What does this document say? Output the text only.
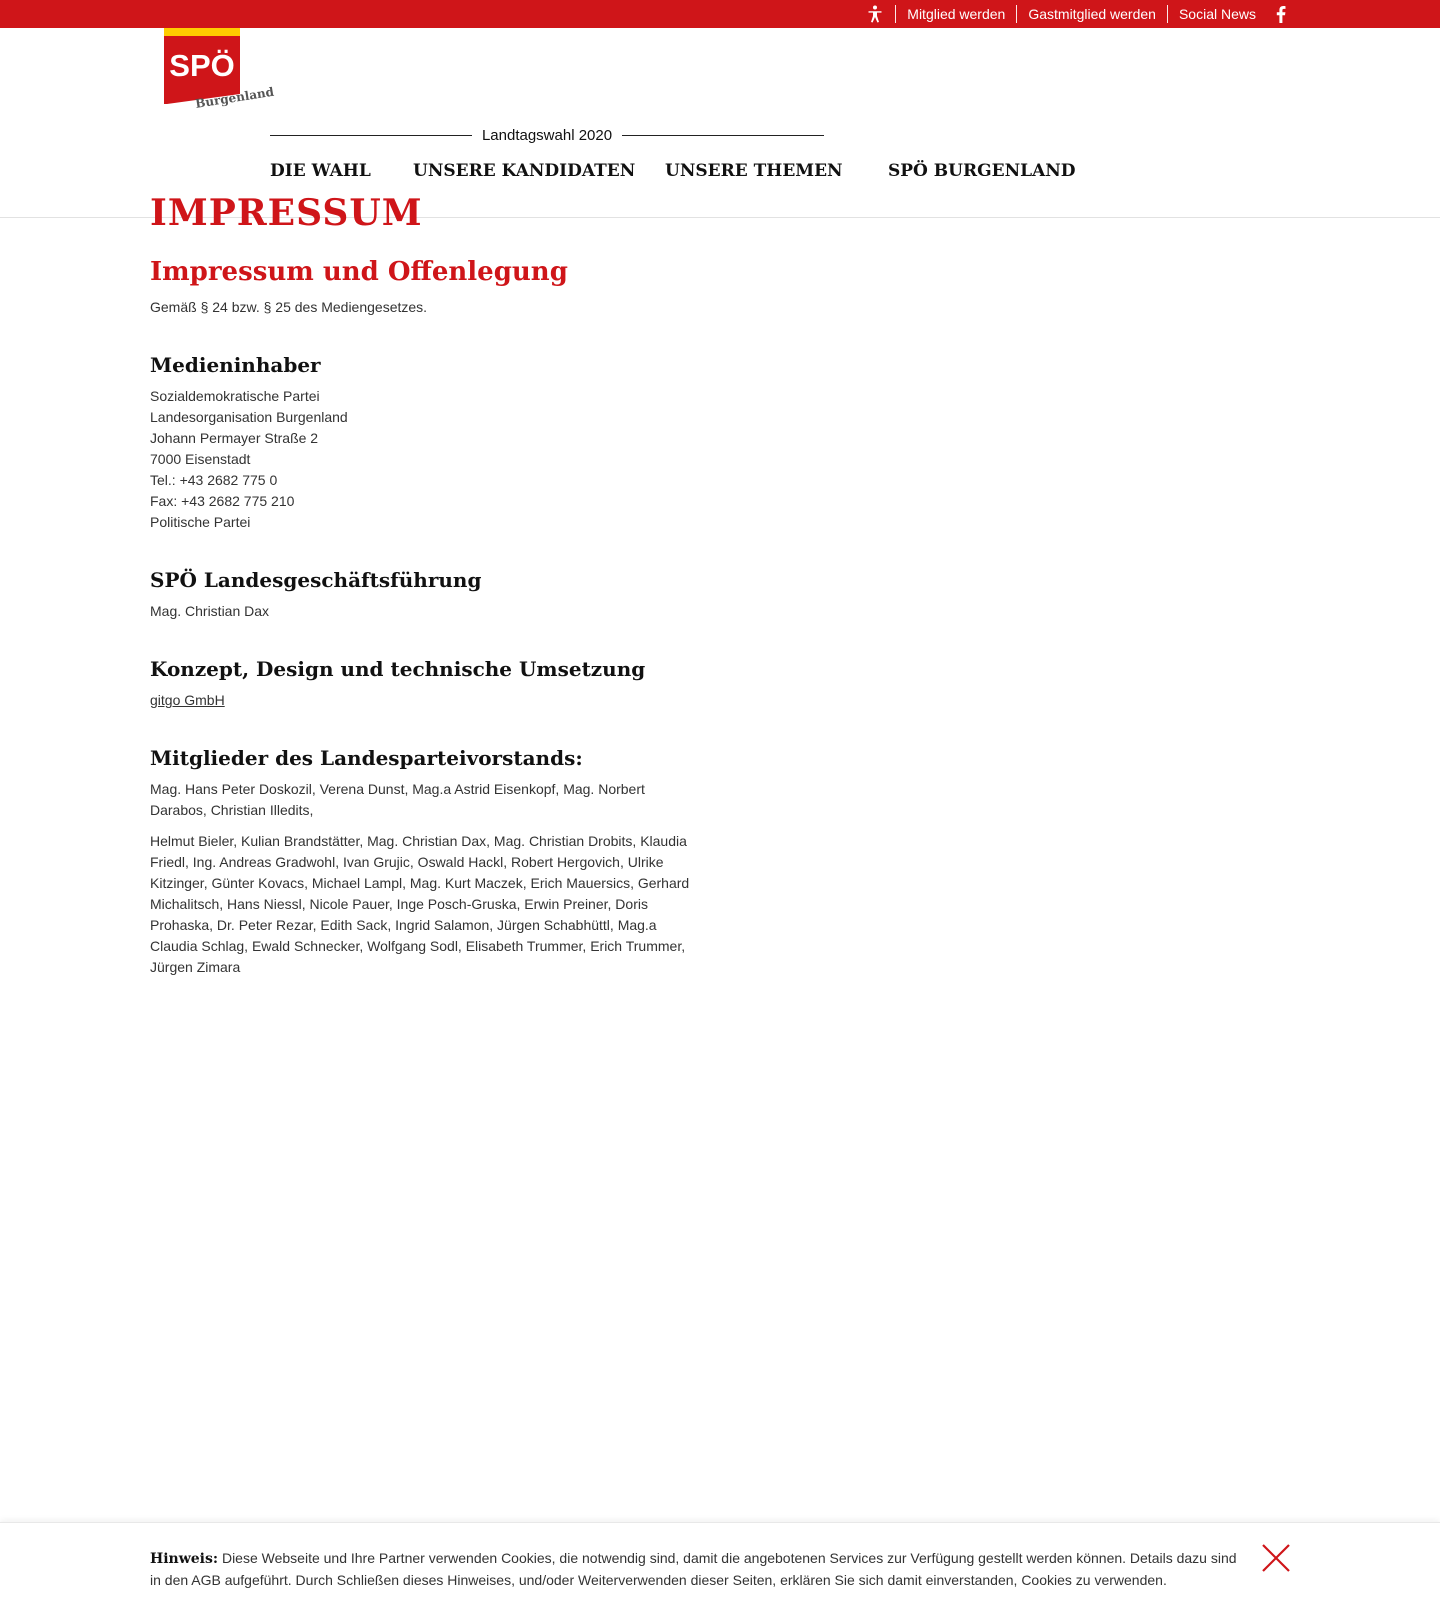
Mitglied werden	Gastmitglied werden	Social News
SPÖ
Burgenland
Landtagswahl 2020
DIE WAHL UNSERE KANDIDATEN UNSERE THEMEN	SPÖ BURGENLAND
IMPRESSUM
Impressum und Offenlegung

Gemäß § 24 bzw. § 25 des Mediengesetzes.

Medieninhaber
Sozialdemokratische Partei
Landesorganisation Burgenland
Johann Permayer Straße 2
7000 Eisenstadt
Tel.: +43 2682 775 0
Fax: +43 2682 775 210
Politische Partei
SPÖ Landesgeschäftsführung
Mag. Christian Dax
Konzept, Design und technische Umsetzung
gitgo GmbH
Mitglieder des Landesparteivorstands:

Mag. Hans Peter Doskozil, Verena Dunst, Mag.a Astrid Eisenkopf, Mag. Norbert Darabos, Christian Illedits,

Helmut Bieler, Kulian Brandstätter, Mag. Christian Dax, Mag. Christian Drobits, Klaudia Friedl, Ing. Andreas Gradwohl, Ivan Grujic, Oswald Hackl, Robert Hergovich, Ulrike Kitzinger, Günter Kovacs, Michael Lampl, Mag. Kurt Maczek, Erich Mauersics, Gerhard Michalitsch, Hans Niessl, Nicole Pauer, Inge Posch-Gruska, Erwin Preiner, Doris Prohaska, Dr. Peter Rezar, Edith Sack, Ingrid Salamon, Jürgen Schabhüttl, Mag.a Claudia Schlag, Ewald Schnecker, Wolfgang Sodl, Elisabeth Trummer, Erich Trummer, Jürgen Zimara

Hinweis: Diese Webseite und Ihre Partner verwenden Cookies, die notwendig sind, damit die angebotenen Services zur Verfügung gestellt werden können. Details dazu sind in den AGB aufgeführt. Durch Schließen dieses Hinweises, und/oder Weiterverwenden dieser Seiten, erklären Sie sich damit einverstanden, Cookies zu verwenden.
